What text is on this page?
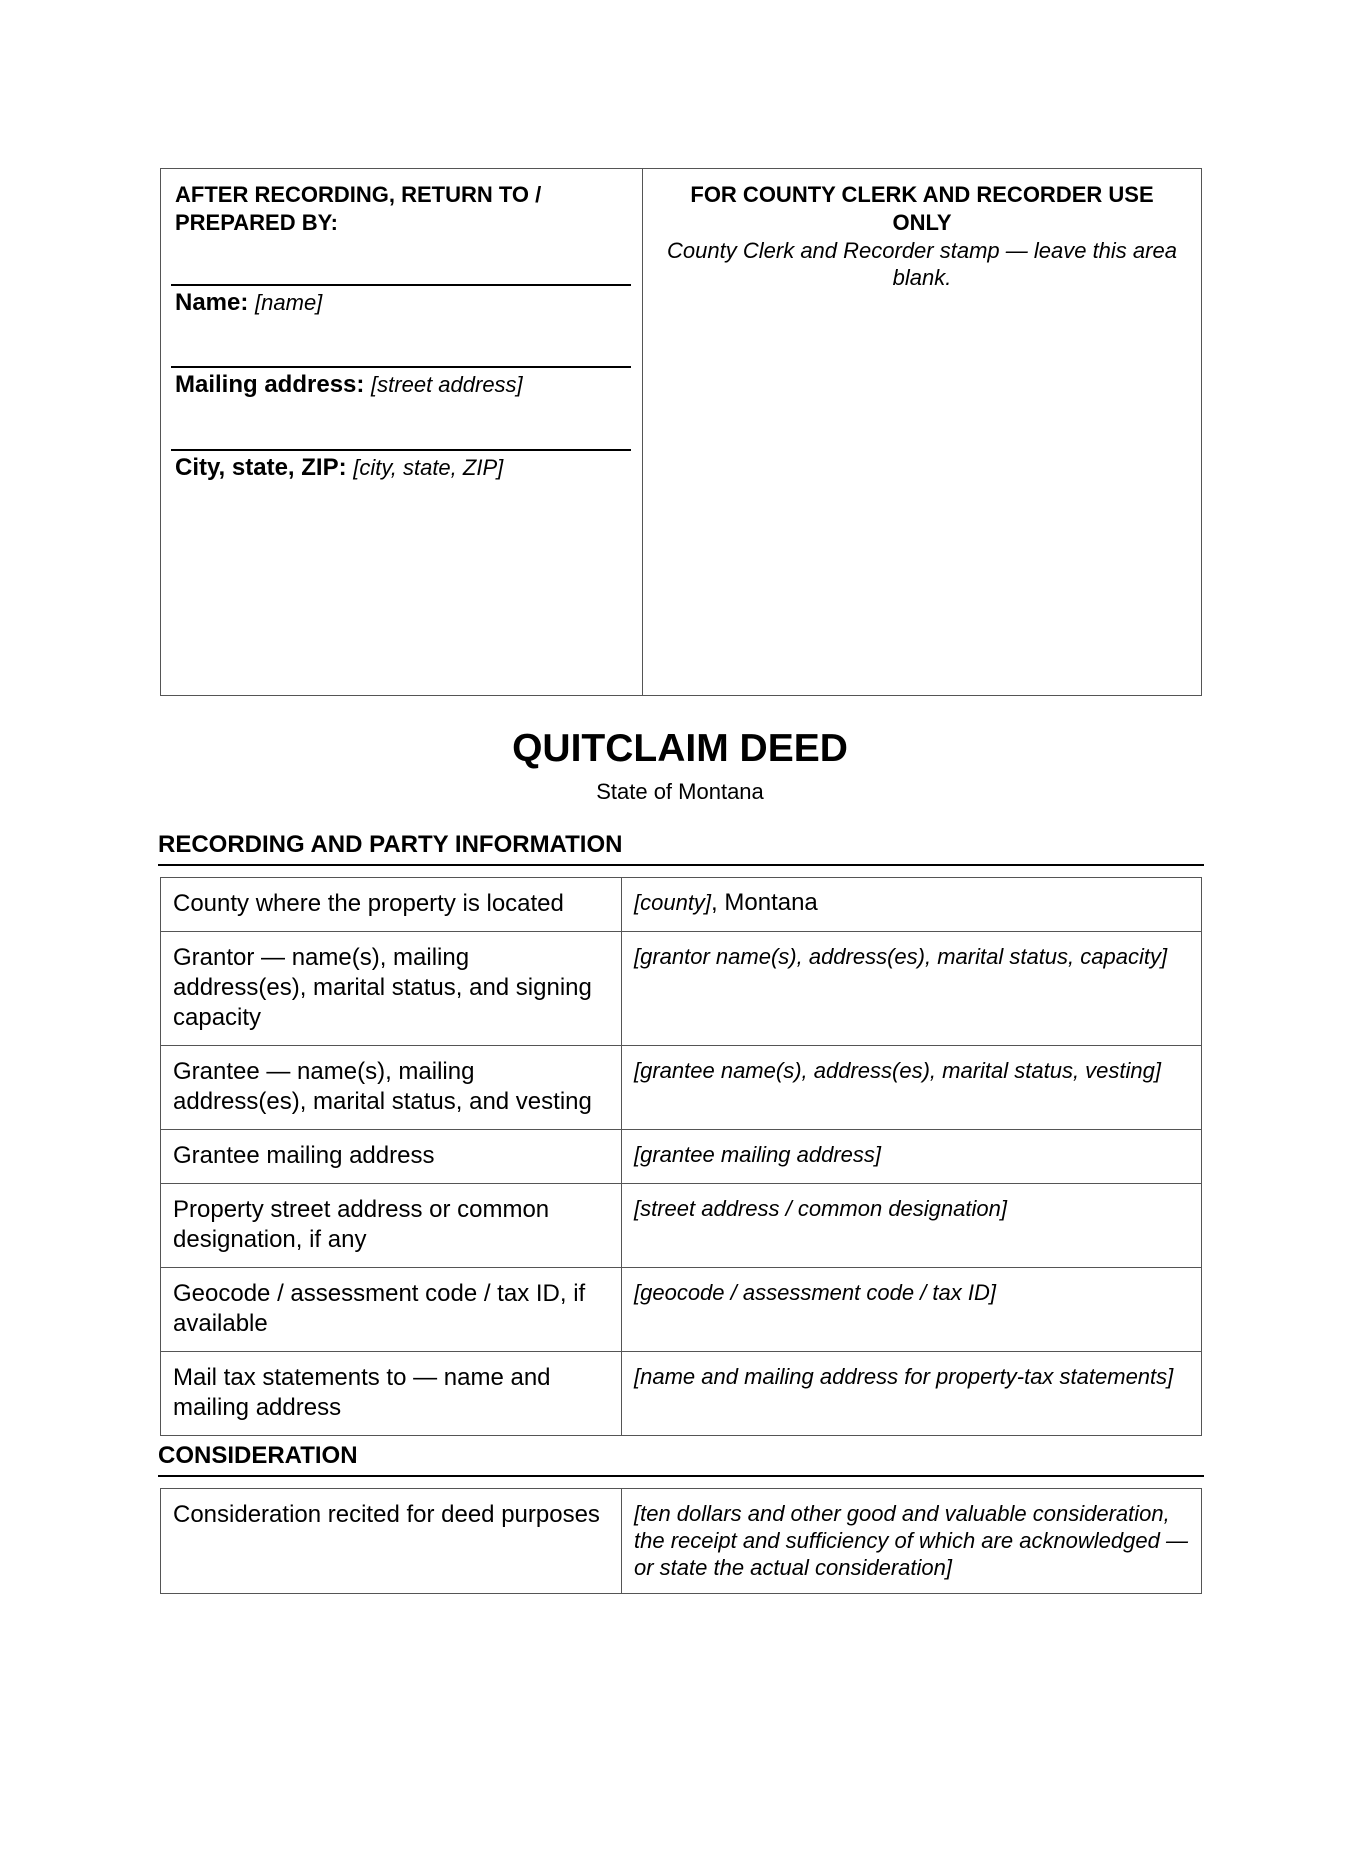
AFTER RECORDING, RETURN TO / PREPARED BY:
Name: [name]
Mailing address: [street address]
City, state, ZIP: [city, state, ZIP]
FOR COUNTY CLERK AND RECORDER USE ONLY
County Clerk and Recorder stamp — leave this area blank.
QUITCLAIM DEED
State of Montana
RECORDING AND PARTY INFORMATION
County where the property is located	[county], Montana
Grantor — name(s), mailing address(es), marital status, and signing capacity	[grantor name(s), address(es), marital status, capacity]
Grantee — name(s), mailing address(es), marital status, and vesting	[grantee name(s), address(es), marital status, vesting]
Grantee mailing address	[grantee mailing address]
Property street address or common designation, if any	[street address / common designation]
Geocode / assessment code / tax ID, if available	[geocode / assessment code / tax ID]
Mail tax statements to — name and mailing address	[name and mailing address for property-tax statements]
CONSIDERATION
Consideration recited for deed purposes	[ten dollars and other good and valuable consideration, the receipt and sufficiency of which are acknowledged — or state the actual consideration]
